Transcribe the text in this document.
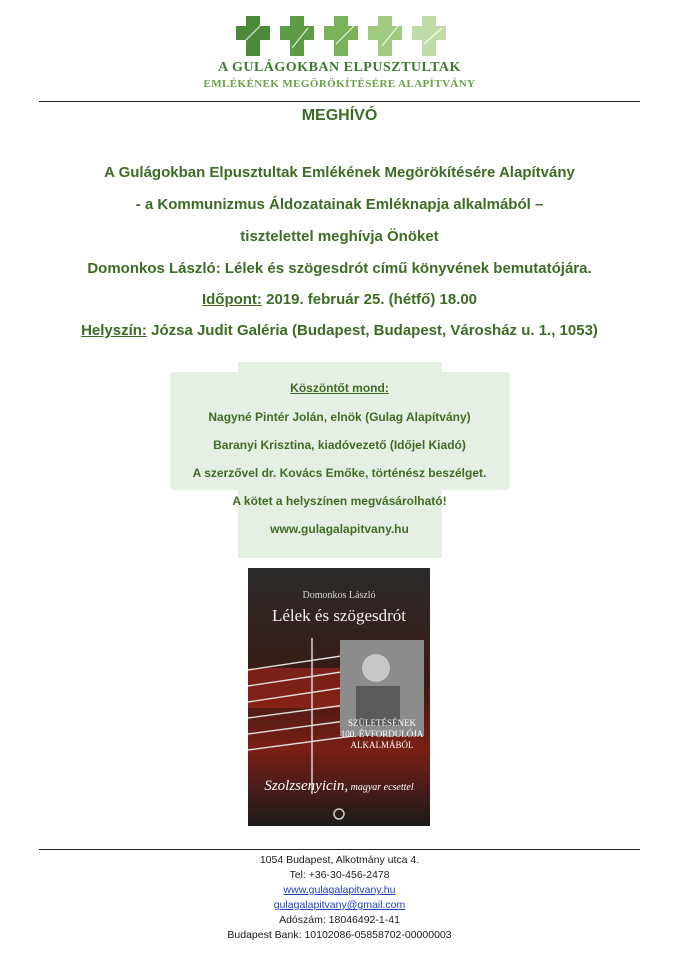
A GULÁGOKBAN ELPUSZTULTAK
EMLÉKÉNEK MEGÖRÖKÍTÉSÉRE ALAPÍTVÁNY
MEGHÍVÓ
A Gulágokban Elpusztultak Emlékének Megörökítésére Alapítvány
- a Kommunizmus Áldozatainak Emléknapja alkalmából –
tisztelettel meghívja Önöket
Domonkos László: Lélek és szögesdrót című könyvének bemutatójára.
Időpont: 2019. február 25. (hétfő) 18.00
Helyszín: Józsa Judit Galéria (Budapest, Budapest, Városház u. 1., 1053)
Köszöntőt mond:
Nagyné Pintér Jolán, elnök (Gulag Alapítvány)
Baranyi Krisztina, kiadóvezető (Időjel Kiadó)
A szerzővel dr. Kovács Emőke, történész beszélget.
A kötet a helyszínen megvásárolható!
www.gulagalapitvany.hu
Domonkos László
Lélek és szögesdrót
SZÜLETÉSÉNEK
100. ÉVFORDULÓJA
ALKALMÁBÓL
Szolzsenyicin, magyar ecsettel
1054 Budapest, Alkotmány utca 4.
Tel: +36-30-456-2478
www.gulagalapitvany.hu
gulagalapitvany@gmail.com
Adószám: 18046492-1-41
Budapest Bank: 10102086-05858702-00000003
